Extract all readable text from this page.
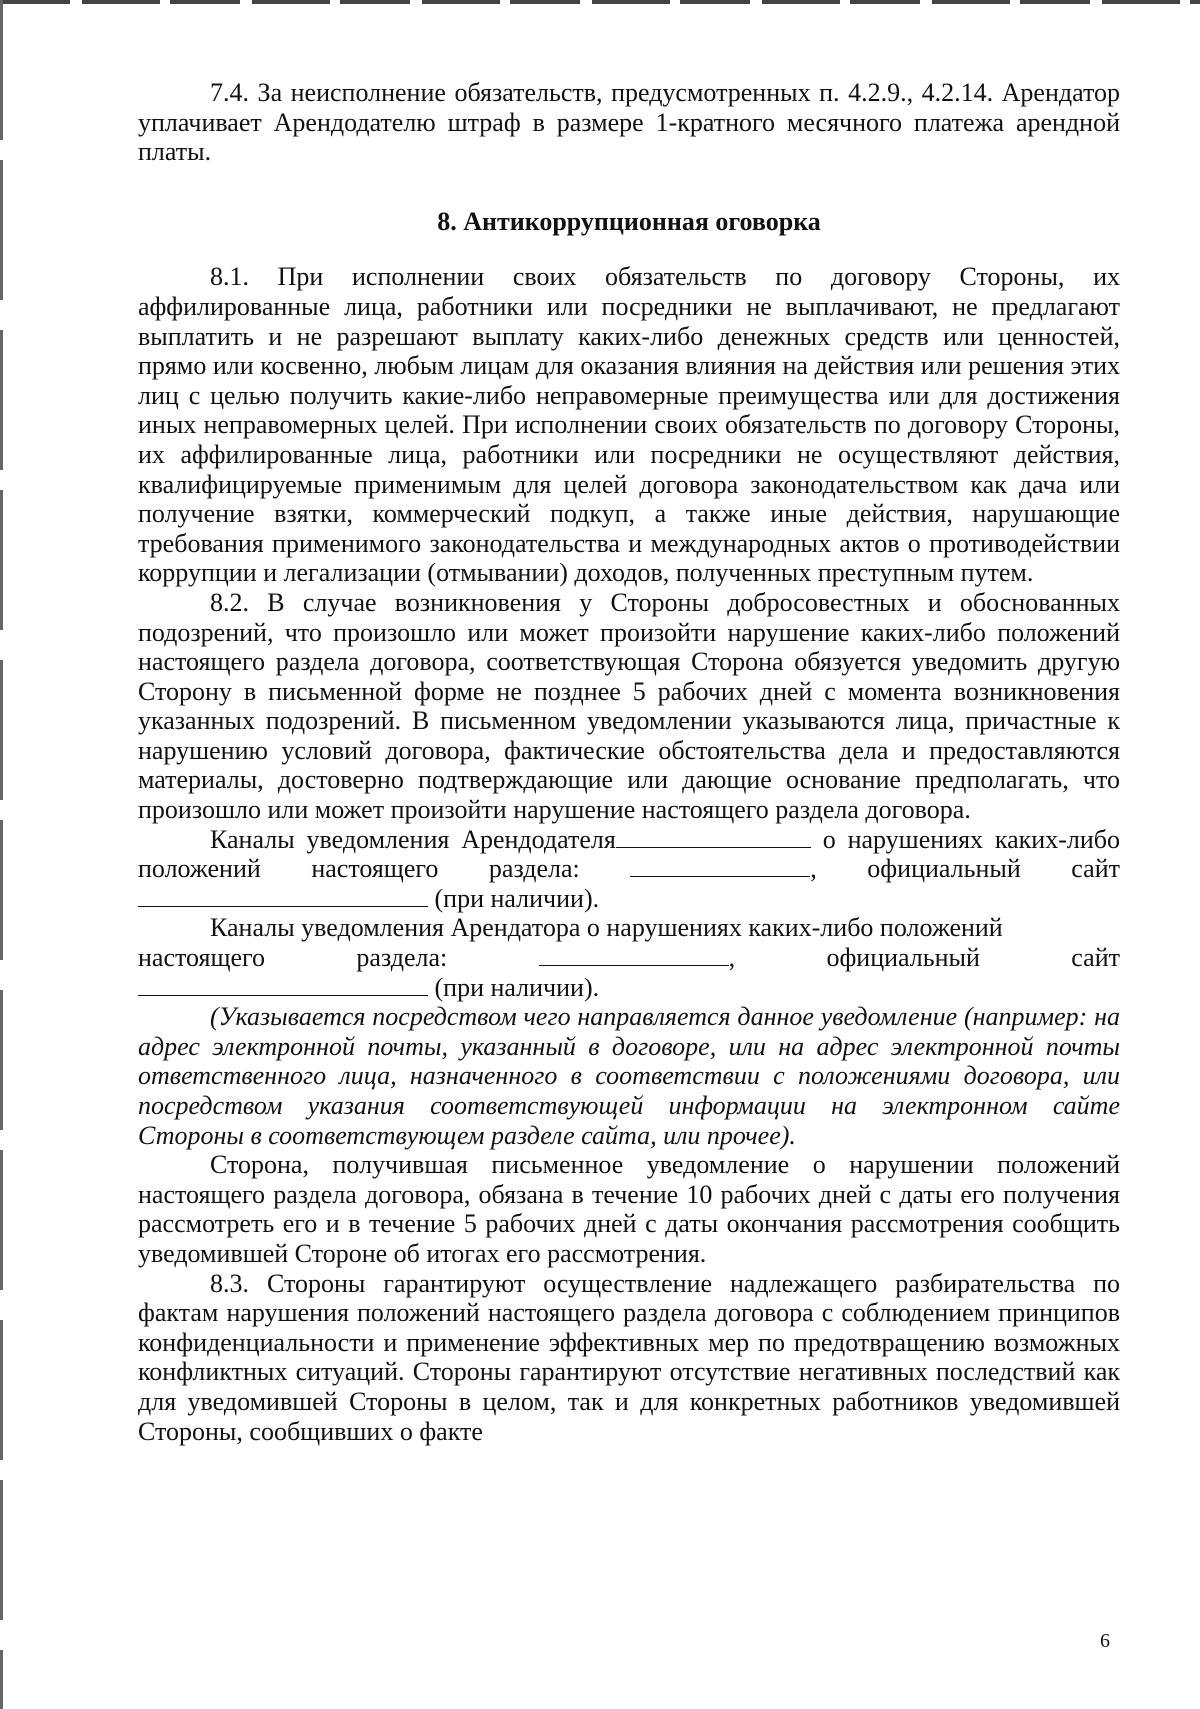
7.4. За неисполнение обязательств, предусмотренных п. 4.2.9., 4.2.14. Арендатор уплачивает Арендодателю штраф в размере 1-кратного месячного платежа арендной платы.

8. Антикоррупционная оговорка

8.1. При исполнении своих обязательств по договору Стороны, их аффилированные лица, работники или посредники не выплачивают, не предлагают выплатить и не разрешают выплату каких-либо денежных средств или ценностей, прямо или косвенно, любым лицам для оказания влияния на действия или решения этих лиц с целью получить какие-либо неправомерные преимущества или для достижения иных неправомерных целей. При исполнении своих обязательств по договору Стороны, их аффилированные лица, работники или посредники не осуществляют действия, квалифицируемые применимым для целей договора законодательством как дача или получение взятки, коммерческий подкуп, а также иные действия, нарушающие требования применимого законодательства и международных актов о противодействии коррупции и легализации (отмывании) доходов, полученных преступным путем.

8.2. В случае возникновения у Стороны добросовестных и обоснованных подозрений, что произошло или может произойти нарушение каких-либо положений настоящего раздела договора, соответствующая Сторона обязуется уведомить другую Сторону в письменной форме не позднее 5 рабочих дней с момента возникновения указанных подозрений. В письменном уведомлении указываются лица, причастные к нарушению условий договора, фактические обстоятельства дела и предоставляются материалы, достоверно подтверждающие или дающие основание предполагать, что произошло или может произойти нарушение настоящего раздела договора.

Каналы уведомления Арендодателя	о нарушениях каких-либо положений настоящего раздела:	, официальный сайт  (при наличии).

Каналы уведомления Арендатора о нарушениях каких-либо положений

настоящего	раздела:	,	официальный	сайт

(при наличии).

(Указывается посредством чего направляется данное уведомление (например: на адрес электронной почты, указанный в договоре, или на адрес электронной почты ответственного лица, назначенного в соответствии с положениями договора, или посредством указания соответствующей информации на электронном сайте Стороны в соответствующем разделе сайта, или прочее).

Сторона, получившая письменное уведомление о нарушении положений настоящего раздела договора, обязана в течение 10 рабочих дней с даты его получения рассмотреть его и в течение 5 рабочих дней с даты окончания рассмотрения сообщить уведомившей Стороне об итогах его рассмотрения.

8.3. Стороны гарантируют осуществление надлежащего разбирательства по фактам нарушения положений настоящего раздела договора с соблюдением принципов конфиденциальности и применение эффективных мер по предотвращению возможных конфликтных ситуаций. Стороны гарантируют отсутствие негативных последствий как для уведомившей Стороны в целом, так и для конкретных работников уведомившей Стороны, сообщивших о факте

6
